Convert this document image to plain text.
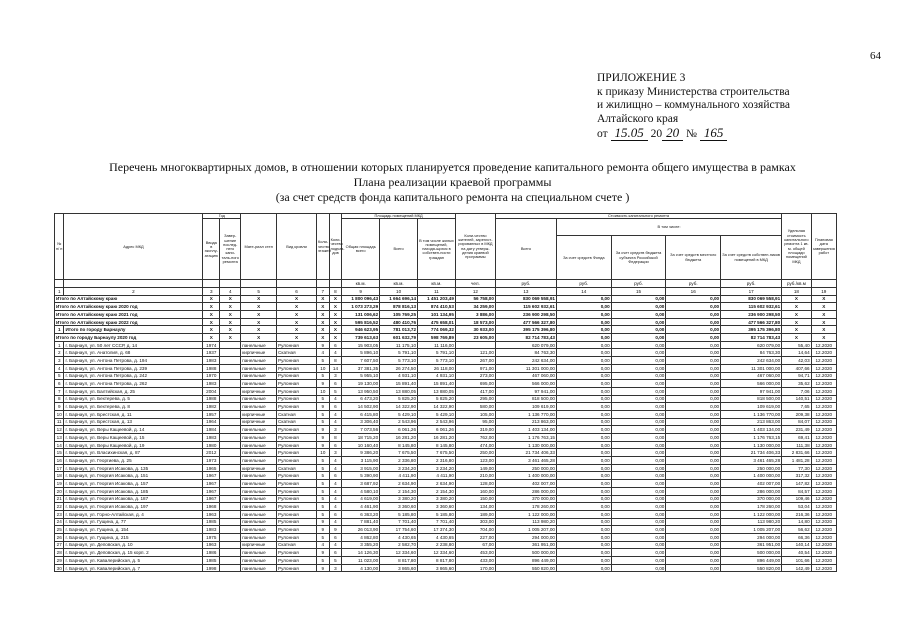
64
ПРИЛОЖЕНИЕ 3
к приказу Министерства строительства
и жилищно – коммунального хозяйства
Алтайского края
от 15.05 20 20 № 165
Перечень многоквартирных домов, в отношении которых планируется проведение капитального ремонта общего имущества в рамках
Плана реализации краевой программы
(за счет средств фонда капитального ремонта на специальном счете )
№ п/ п	Адрес МКД	Год		Мате-риал стен	Вид кровли	Коли-чество этажей	Коли-чество подъез-дов	Площадь помещений МКД			Коли-чество жителей, зарегист-рированных в МКД на дату утверж-дения краевой программы	Стоимость капитального ремонта					Удельная стоимость капитального ремонта 1 кв. м. общей площади помещений МКД	Плановая дата завершения работ
		Ввода в эксплу-атацию	Завер-шение послед-него капи-таль-ного ремонта					Общая площадь всего	Всего	В том числе жилых помещений, находя-щихся в собствен-ности граждан		Всего	В том числе:					
													За счет средств Фонда	За счет средств бюджета субъекта Российской Федерации	За счет средств местного бюджета	За счет средств собствен-ников помещений в МКД		
								кв.м.	кв.м.	кв.м.	чел.	руб.	руб.	руб.	руб.	руб.	руб./кв.м	
1	2	3	4	5	6	7	8	9	10	11	12	13	14	15	16	17	18	19
Итого по Алтайскому краю		X	X	X	X	X	X	1 800 096,43	1 664 696,14	1 451 203,49	56 758,00	830 069 558,91	0,00	0,00	0,00	830 069 558,91	X	X
Итого по Алтайскому краю 2020 год		X	X	X	X	X	X	1 073 273,29	878 816,13	874 410,53	34 259,00	115 602 932,61	0,00	0,00	0,00	115 602 932,61	X	X
Итого по Алтайскому краю 2021 год		X	X	X	X	X	X	131 006,62	105 769,25	101 134,95	3 886,00	236 900 298,50	0,00	0,00	0,00	236 900 298,50	X	X
Итого по Алтайскому краю 2022 год		X	X	X	X	X	X	595 816,52	480 410,76	475 658,01	18 573,00	477 566 327,80	0,00	0,00	0,00	477 566 327,80	X	X
1	Итого по городу Барнаулу	X	X	X	X	X	X	946 623,95	781 013,72	774 069,32	30 933,00	395 175 396,80	0,00	0,00	0,00	395 175 396,80	X	X
Итого по городу Барнаулу 2020 год		X	X	X	X	X	X	739 613,63	601 632,79	598 769,89	23 605,00	82 714 783,43	0,00	0,00	0,00	82 714 783,43	X	X
1	г. Барнаул, ул. 50 лет СССР, д. 14	1974		панельные	Рулонная	9	6	15 903,05	11 175,10	11 116,00		620 079,00	0,00	0,00	0,00	620 079,00	55,40	12.2020
2	г. Барнаул, ул. Анатолия, д. 68	1937		кирпичные	Скатная	4	4	5 896,10	5 791,10	5 791,10	121,00	84 763,30	0,00	0,00	0,00	84 763,30	14,64	12.2020
3	г. Барнаул, ул. Антона Петрова, д. 194	1983		панельные	Рулонная	5	8	7 607,50	5 773,10	5 773,10	267,00	242 634,00	0,00	0,00	0,00	242 634,00	42,03	12.2020
4	г. Барнаул, ул. Антона Петрова, д. 239	1988		панельные	Рулонная	10	14	37 381,35	26 274,50	26 118,00	971,00	11 301 000,00	0,00	0,00	0,00	11 301 000,00	407,66	12.2020
5	г. Барнаул, ул. Антона Петрова, д. 242	1970		панельные	Рулонная	5	3	5 955,10	4 931,10	4 931,10	273,00	467 060,00	0,00	0,00	0,00	467 060,00	94,71	12.2020
6	г. Барнаул, ул. Антона Петрова, д. 262	1983		панельные	Рулонная	9	6	19 130,00	15 891,40	15 891,40	695,00	566 000,00	0,00	0,00	0,00	566 000,00	35,62	12.2020
7	г. Барнаул, ул. Балтийская, д. 25	2004		кирпичные	Рулонная	10	5	13 950,50	13 880,05	13 880,05	417,00	97 941,00	0,00	0,00	0,00	97 941,00	7,06	12.2020
8	г. Барнаул, ул. Бехтерева, д. 5	1988		панельные	Рулонная	5	4	6 473,20	5 825,20	5 825,20	295,00	818 500,00	0,00	0,00	0,00	818 500,00	140,51	12.2020
9	г. Барнаул, ул. Бехтерева, д. 8	1982		панельные	Рулонная	9	6	14 502,90	14 322,90	14 322,90	580,00	109 619,00	0,00	0,00	0,00	109 619,00	7,65	12.2020
10	г. Барнаул, ул. Брестская, д. 11	1957		кирпичные	Скатная	5	4	6 415,80	5 429,10	5 429,10	105,00	1 136 770,00	0,00	0,00	0,00	1 136 770,00	209,38	12.2020
11	г. Барнаул, ул. Брестская, д. 13	1964		кирпичные	Скатная	5	4	3 306,40	2 543,96	2 543,96	95,00	213 863,00	0,00	0,00	0,00	213 863,00	84,07	12.2020
12	г. Барнаул, ул. Веры Кащеевой, д. 14	1984		панельные	Рулонная	9	3	7 073,56	6 061,26	6 061,26	319,00	1 403 134,00	0,00	0,00	0,00	1 403 134,00	231,49	12.2020
13	г. Барнаул, ул. Веры Кащеевой, д. 15	1983		панельные	Рулонная	9	8	18 715,20	16 281,20	16 281,20	762,00	1 176 763,15	0,00	0,00	0,00	1 176 763,15	69,41	12.2020
14	г. Барнаул, ул. Веры Кащеевой, д. 19	1980		панельные	Рулонная	9	6	10 160,40	8 145,80	8 145,80	474,00	1 130 000,00	0,00	0,00	0,00	1 130 000,00	111,38	12.2020
15	г. Барнаул, ул. Власихинская, д. 87	2012		панельные	Рулонная	10	3	9 386,20	7 675,50	7 675,50	250,00	21 734 406,33	0,00	0,00	0,00	21 734 406,33	2 831,66	12.2020
16	г. Барнаул, ул. Георгиева, д. 25	1973		панельные	Рулонная	5	4	3 115,90	2 336,80	2 316,80	123,00	3 461 465,28	0,00	0,00	0,00	3 461 465,28	1 481,28	12.2020
17	г. Барнаул, ул. Георгия Исакова, д. 135	1965		кирпичные	Скатная	5	4	3 915,00	3 234,20	3 234,20	149,00	250 000,00	0,00	0,00	0,00	250 000,00	77,30	12.2020
18	г. Барнаул, ул. Георгия Исакова, д. 151	1967		панельные	Рулонная	5	6	5 390,90	4 411,90	4 411,90	210,00	1 400 000,00	0,00	0,00	0,00	1 400 000,00	317,32	12.2020
19	г. Барнаул, ул. Георгия Исакова, д. 157	1967		панельные	Рулонная	5	4	3 687,92	2 634,90	2 634,90	128,00	402 007,00	0,00	0,00	0,00	402 007,00	147,82	12.2020
20	г. Барнаул, ул. Георгия Исакова, д. 185	1967		панельные	Рулонная	5	4	4 580,10	2 154,30	2 154,30	160,00	286 000,00	0,00	0,00	0,00	286 000,00	84,57	12.2020
21	г. Барнаул, ул. Георгия Исакова, д. 187	1967		панельные	Рулонная	5	4	4 619,00	3 380,20	3 380,20	150,00	370 000,00	0,00	0,00	0,00	370 000,00	109,46	12.2020
22	г. Барнаул, ул. Георгия Исакова, д. 197	1968		панельные	Рулонная	5	4	4 461,90	3 360,60	3 360,60	134,00	178 260,00	0,00	0,00	0,00	178 260,00	53,04	12.2020
23	г. Барнаул, ул. Горно-Алтайская, д. 4	1963		панельные	Рулонная	5	6	6 363,20	5 185,80	5 185,80	189,00	1 122 000,00	0,00	0,00	0,00	1 122 000,00	216,36	12.2020
24	г. Барнаул, ул. Гущина, д. 77	1985		панельные	Рулонная	9	4	7 881,40	7 701,40	7 701,40	303,00	113 980,20	0,00	0,00	0,00	113 980,20	14,80	12.2020
25	г. Барнаул, ул. Гущина, д. 154	1983		панельные	Рулонная	9	9	26 013,90	17 754,60	17 374,30	704,00	1 005 207,00	0,00	0,00	0,00	1 005 207,00	56,62	12.2020
26	г. Барнаул, ул. Гущина, д. 215	1975		панельные	Рулонная	5	6	4 862,80	4 430,65	4 430,65	227,00	294 000,00	0,00	0,00	0,00	294 000,00	66,36	12.2020
27	г. Барнаул, ул. Деповская, д. 10	1963		кирпичные	Скатная	4	4	3 355,20	2 582,70	2 238,80	67,00	361 951,00	0,00	0,00	0,00	361 951,00	140,14	12.2020
28	г. Барнаул, ул. Деповская, д. 15 корп. 2	1986		панельные	Рулонная	9	6	14 126,30	12 334,60	12 334,60	453,00	500 000,00	0,00	0,00	0,00	500 000,00	40,54	12.2020
29	г. Барнаул, ул. Кавалерийская, д. 5	1985		панельные	Рулонная	5	5	11 023,00	8 817,80	8 817,80	433,00	896 449,00	0,00	0,00	0,00	896 449,00	101,66	12.2020
30	г. Барнаул, ул. Кавалерийская, д. 7	1998		панельные	Рулонная	9	3	4 130,00	3 865,60	3 865,60	170,00	550 820,00	0,00	0,00	0,00	550 820,00	142,49	12.2020
